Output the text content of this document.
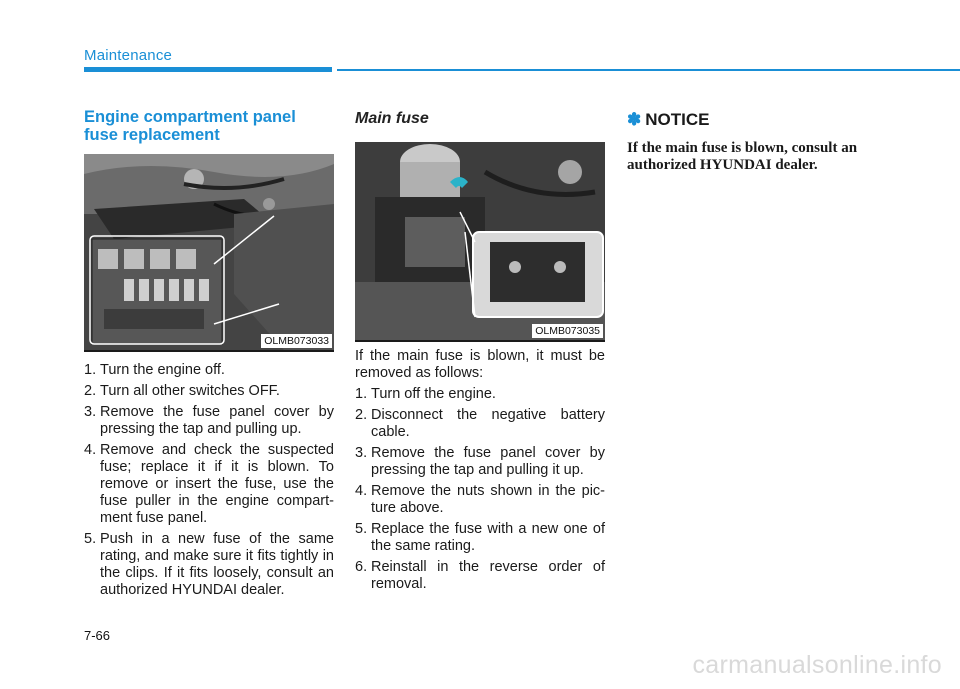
Maintenance
Engine compartment panel
fuse replacement
OLMB073033
1. Turn the engine off.
2. Turn all other switches OFF.
3. Remove the fuse panel cover by pressing the tap and pulling up.
4. Remove and check the suspected fuse; replace it if it is blown. To remove or insert the fuse, use the fuse puller in the engine compart- ment fuse panel.
5. Push in a new fuse of the same rating, and make sure it fits tightly in the clips. If it fits loosely, consult an authorized HYUNDAI dealer.
Main fuse
OLMB073035

If the main fuse is blown, it must be removed as follows:

1. Turn off the engine.
2. Disconnect the negative battery cable.
3. Remove the fuse panel cover by pressing the tap and pulling it up.
4. Remove the nuts shown in the pic- ture above.
5. Replace the fuse with a new one of the same rating.
6. Reinstall in the reverse order of removal.
✽ NOTICE

If the main fuse is blown, consult an authorized HYUNDAI dealer.

7-66
carmanualsonline.info
